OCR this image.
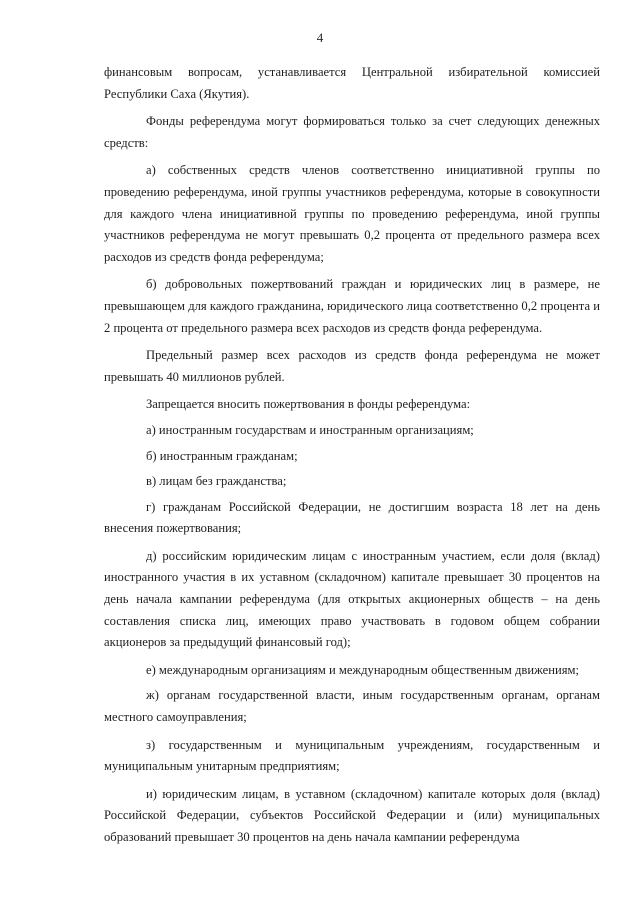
4

финансовым вопросам, устанавливается Центральной избирательной комиссией Республики Саха (Якутия).

Фонды референдума могут формироваться только за счет следующих денежных средств:

а) собственных средств членов соответственно инициативной группы по проведению референдума, иной группы участников референдума, которые в совокупности для каждого члена инициативной группы по проведению референдума, иной группы участников референдума не могут превышать 0,2 процента от предельного размера всех расходов из средств фонда референдума;

б) добровольных пожертвований граждан и юридических лиц в размере, не превышающем для каждого гражданина, юридического лица соответственно 0,2 процента и 2 процента от предельного размера всех расходов из средств фонда референдума.

Предельный размер всех расходов из средств фонда референдума не может превышать 40 миллионов рублей.

Запрещается вносить пожертвования в фонды референдума:

а) иностранным государствам и иностранным организациям;

б) иностранным гражданам;

в) лицам без гражданства;

г) гражданам Российской Федерации, не достигшим возраста 18 лет на день внесения пожертвования;

д) российским юридическим лицам с иностранным участием, если доля (вклад) иностранного участия в их уставном (складочном) капитале превышает 30 процентов на день начала кампании референдума (для открытых акционерных обществ – на день составления списка лиц, имеющих право участвовать в годовом общем собрании акционеров за предыдущий финансовый год);

е) международным организациям и международным общественным движениям;

ж) органам государственной власти, иным государственным органам, органам местного самоуправления;

з) государственным и муниципальным учреждениям, государственным и муниципальным унитарным предприятиям;

и) юридическим лицам, в уставном (складочном) капитале которых доля (вклад) Российской Федерации, субъектов Российской Федерации и (или) муниципальных образований превышает 30 процентов на день начала кампании референдума
